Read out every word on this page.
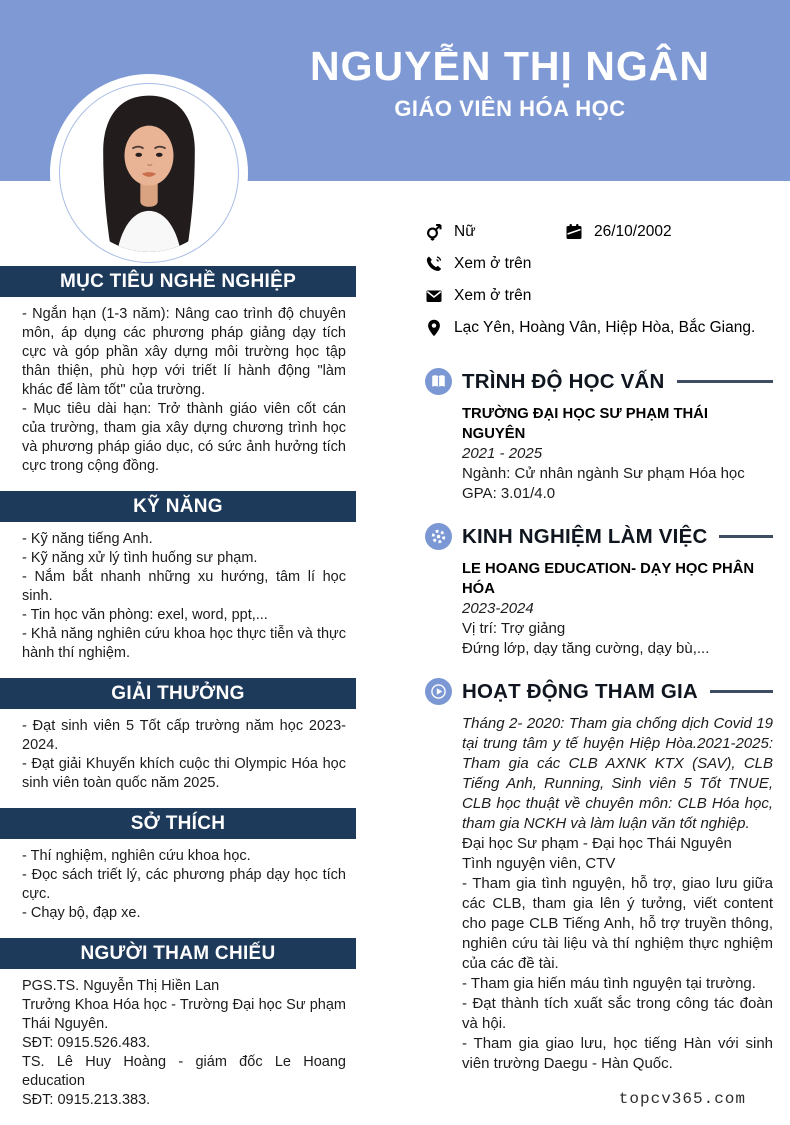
NGUYỄN THỊ NGÂN
GIÁO VIÊN HÓA HỌC
MỤC TIÊU NGHỀ NGHIỆP

- Ngắn hạn (1-3 năm): Nâng cao trình độ chuyên môn, áp dụng các phương pháp giảng dạy tích cực và góp phần xây dựng môi trường học tập thân thiện, phù hợp với triết lí hành động "làm khác để làm tốt" của trường.

- Mục tiêu dài hạn: Trở thành giáo viên cốt cán của trường, tham gia xây dựng chương trình học và phương pháp giáo dục, có sức ảnh hưởng tích cực trong cộng đồng.

KỸ NĂNG

- Kỹ năng tiếng Anh.

- Kỹ năng xử lý tình huống sư phạm.

- Nắm bắt nhanh những xu hướng, tâm lí học sinh.

- Tin học văn phòng: exel, word, ppt,...

- Khả năng nghiên cứu khoa học thực tiễn và thực hành thí nghiệm.

GIẢI THƯỞNG

- Đạt sinh viên 5 Tốt cấp trường năm học 2023-2024.

- Đạt giải Khuyến khích cuộc thi Olympic Hóa học sinh viên toàn quốc năm 2025.

SỞ THÍCH

- Thí nghiệm, nghiên cứu khoa học.

- Đọc sách triết lý, các phương pháp dạy học tích cực.

- Chạy bộ, đạp xe.

NGƯỜI THAM CHIẾU

PGS.TS. Nguyễn Thị Hiền Lan

Trưởng Khoa Hóa học - Trường Đại học Sư phạm Thái Nguyên.

SĐT: 0915.526.483.

TS. Lê Huy Hoàng - giám đốc Le Hoang education

SĐT: 0915.213.383.

Nữ	26/10/2002
Xem ở trên
Xem ở trên
Lạc Yên, Hoàng Vân, Hiệp Hòa, Bắc Giang.
TRÌNH ĐỘ HỌC VẤN

TRƯỜNG ĐẠI HỌC SƯ PHẠM THÁI NGUYÊN

2021 - 2025

Ngành: Cử nhân ngành Sư phạm Hóa học

GPA: 3.01/4.0

KINH NGHIỆM LÀM VIỆC

LE HOANG EDUCATION- DẠY HỌC PHÂN HÓA

2023-2024

Vị trí: Trợ giảng

Đứng lớp, dạy tăng cường, dạy bù,...

HOẠT ĐỘNG THAM GIA

Tháng 2- 2020: Tham gia chống dịch Covid 19 tại trung tâm y tế huyện Hiệp Hòa.2021-2025: Tham gia các CLB AXNK KTX (SAV), CLB Tiếng Anh, Running, Sinh viên 5 Tốt TNUE, CLB học thuật về chuyên môn: CLB Hóa học, tham gia NCKH và làm luận văn tốt nghiệp.

Đại học Sư phạm - Đại học Thái Nguyên

Tình nguyện viên, CTV

- Tham gia tình nguyện, hỗ trợ, giao lưu giữa các CLB, tham gia lên ý tưởng, viết content cho page CLB Tiếng Anh, hỗ trợ truyền thông, nghiên cứu tài liệu và thí nghiệm thực nghiệm của các đề tài.

- Tham gia hiến máu tình nguyện tại trường.

- Đạt thành tích xuất sắc trong công tác đoàn và hội.

- Tham gia giao lưu, học tiếng Hàn với sinh viên trường Daegu - Hàn Quốc.

topcv365.com
